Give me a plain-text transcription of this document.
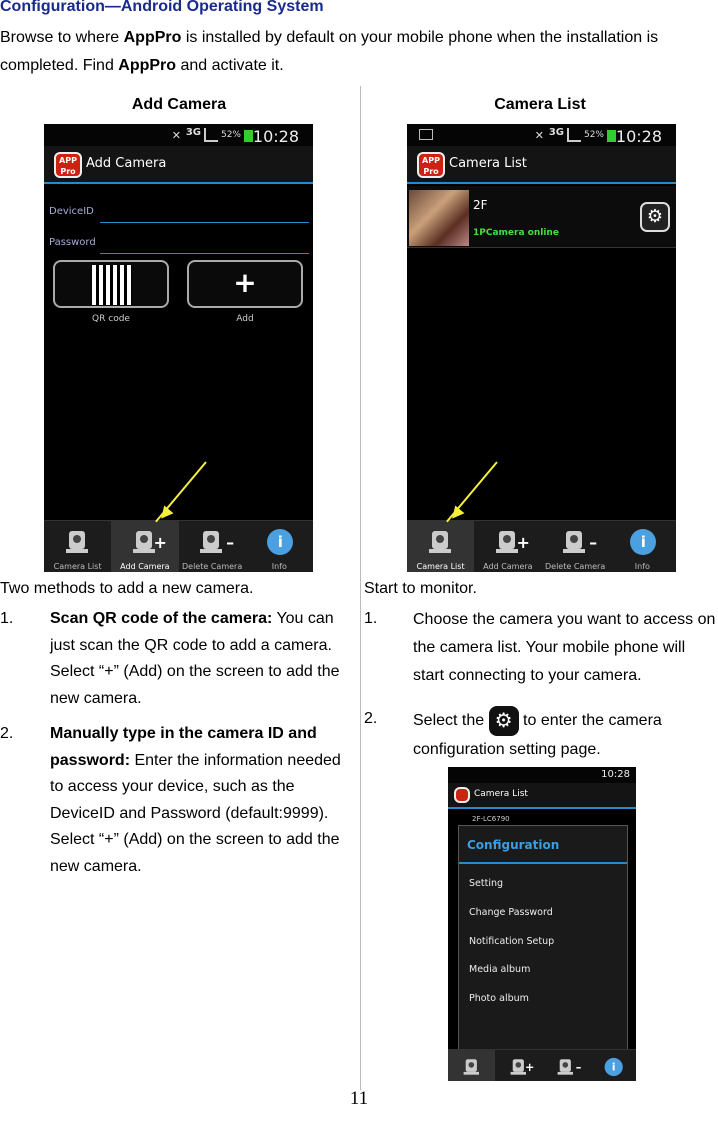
Configuration—Android Operating System
Browse to where AppPro is installed by default on your mobile phone when the installation is completed. Find AppPro and activate it.
Add Camera
✕ 3G 52% 10:28
APP Pro
Add Camera
DeviceID
Password
QR code
+
Add
Camera List
+
Add Camera
–
Delete Camera
i
Info
Two methods to add a new camera.
1. Scan QR code of the camera: You can just scan the QR code to add a camera. Select “+” (Add) on the screen to add the new camera.
2. Manually type in the camera ID and password: Enter the information needed to access your device, such as the DeviceID and Password (default:9999). Select “+” (Add) on the screen to add the new camera.
Camera List
✕ 3G 52% 10:28
APP Pro
Camera List
2F
1PCamera online
⚙
Camera List
+
Add Camera
–
Delete Camera
i
Info
Start to monitor.
1. Choose the camera you want to access on the camera list. Your mobile phone will start connecting to your camera.
2. Select the ⚙ to enter the camera configuration setting page.
10:28
Camera List
2F-LC6790
Configuration
Setting
Change Password
Notification Setup
Media album
Photo album
+	–	i
11
